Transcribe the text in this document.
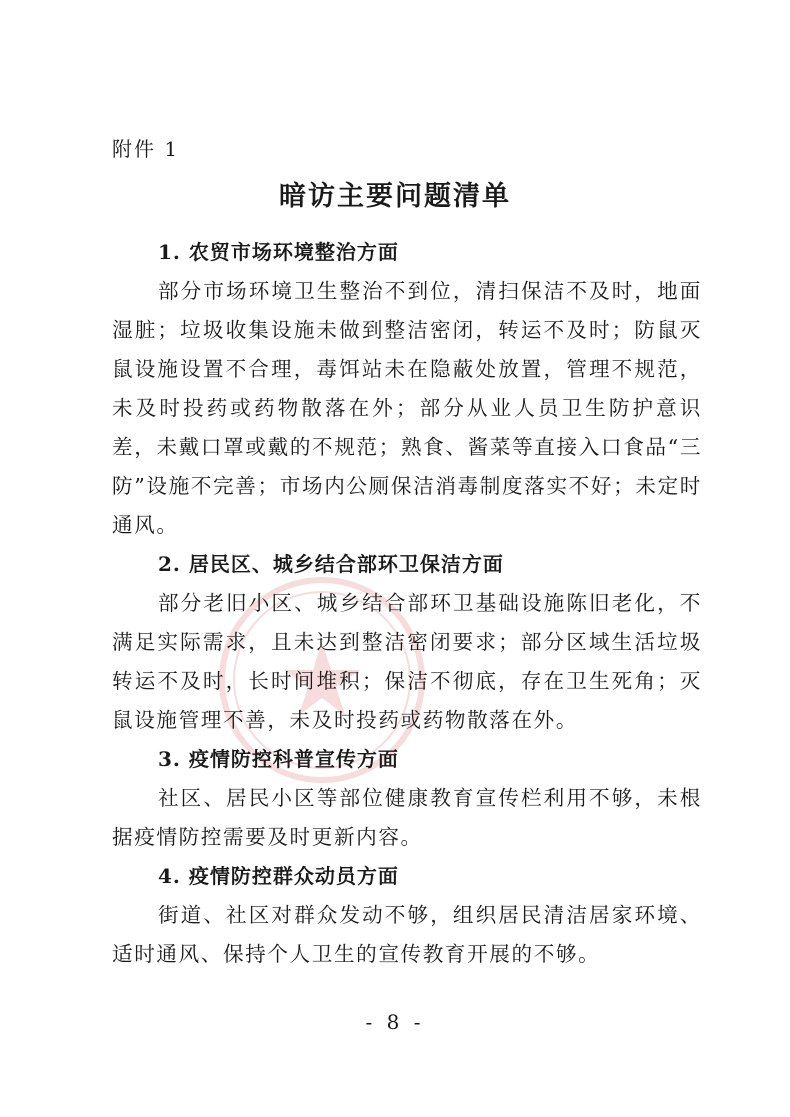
附件 1
暗访主要问题清单
1. 农贸市场环境整治方面

部分市场环境卫生整治不到位，清扫保洁不及时，地面湿脏；垃圾收集设施未做到整洁密闭，转运不及时；防鼠灭鼠设施设置不合理，毒饵站未在隐蔽处放置，管理不规范，未及时投药或药物散落在外；部分从业人员卫生防护意识差，未戴口罩或戴的不规范；熟食、酱菜等直接入口食品“三防”设施不完善；市场内公厕保洁消毒制度落实不好；未定时通风。

2. 居民区、城乡结合部环卫保洁方面

部分老旧小区、城乡结合部环卫基础设施陈旧老化，不满足实际需求，且未达到整洁密闭要求；部分区域生活垃圾转运不及时，长时间堆积；保洁不彻底，存在卫生死角；灭鼠设施管理不善，未及时投药或药物散落在外。

3. 疫情防控科普宣传方面

社区、居民小区等部位健康教育宣传栏利用不够，未根据疫情防控需要及时更新内容。

4. 疫情防控群众动员方面

街道、社区对群众发动不够，组织居民清洁居家环境、适时通风、保持个人卫生的宣传教育开展的不够。

- 8 -
